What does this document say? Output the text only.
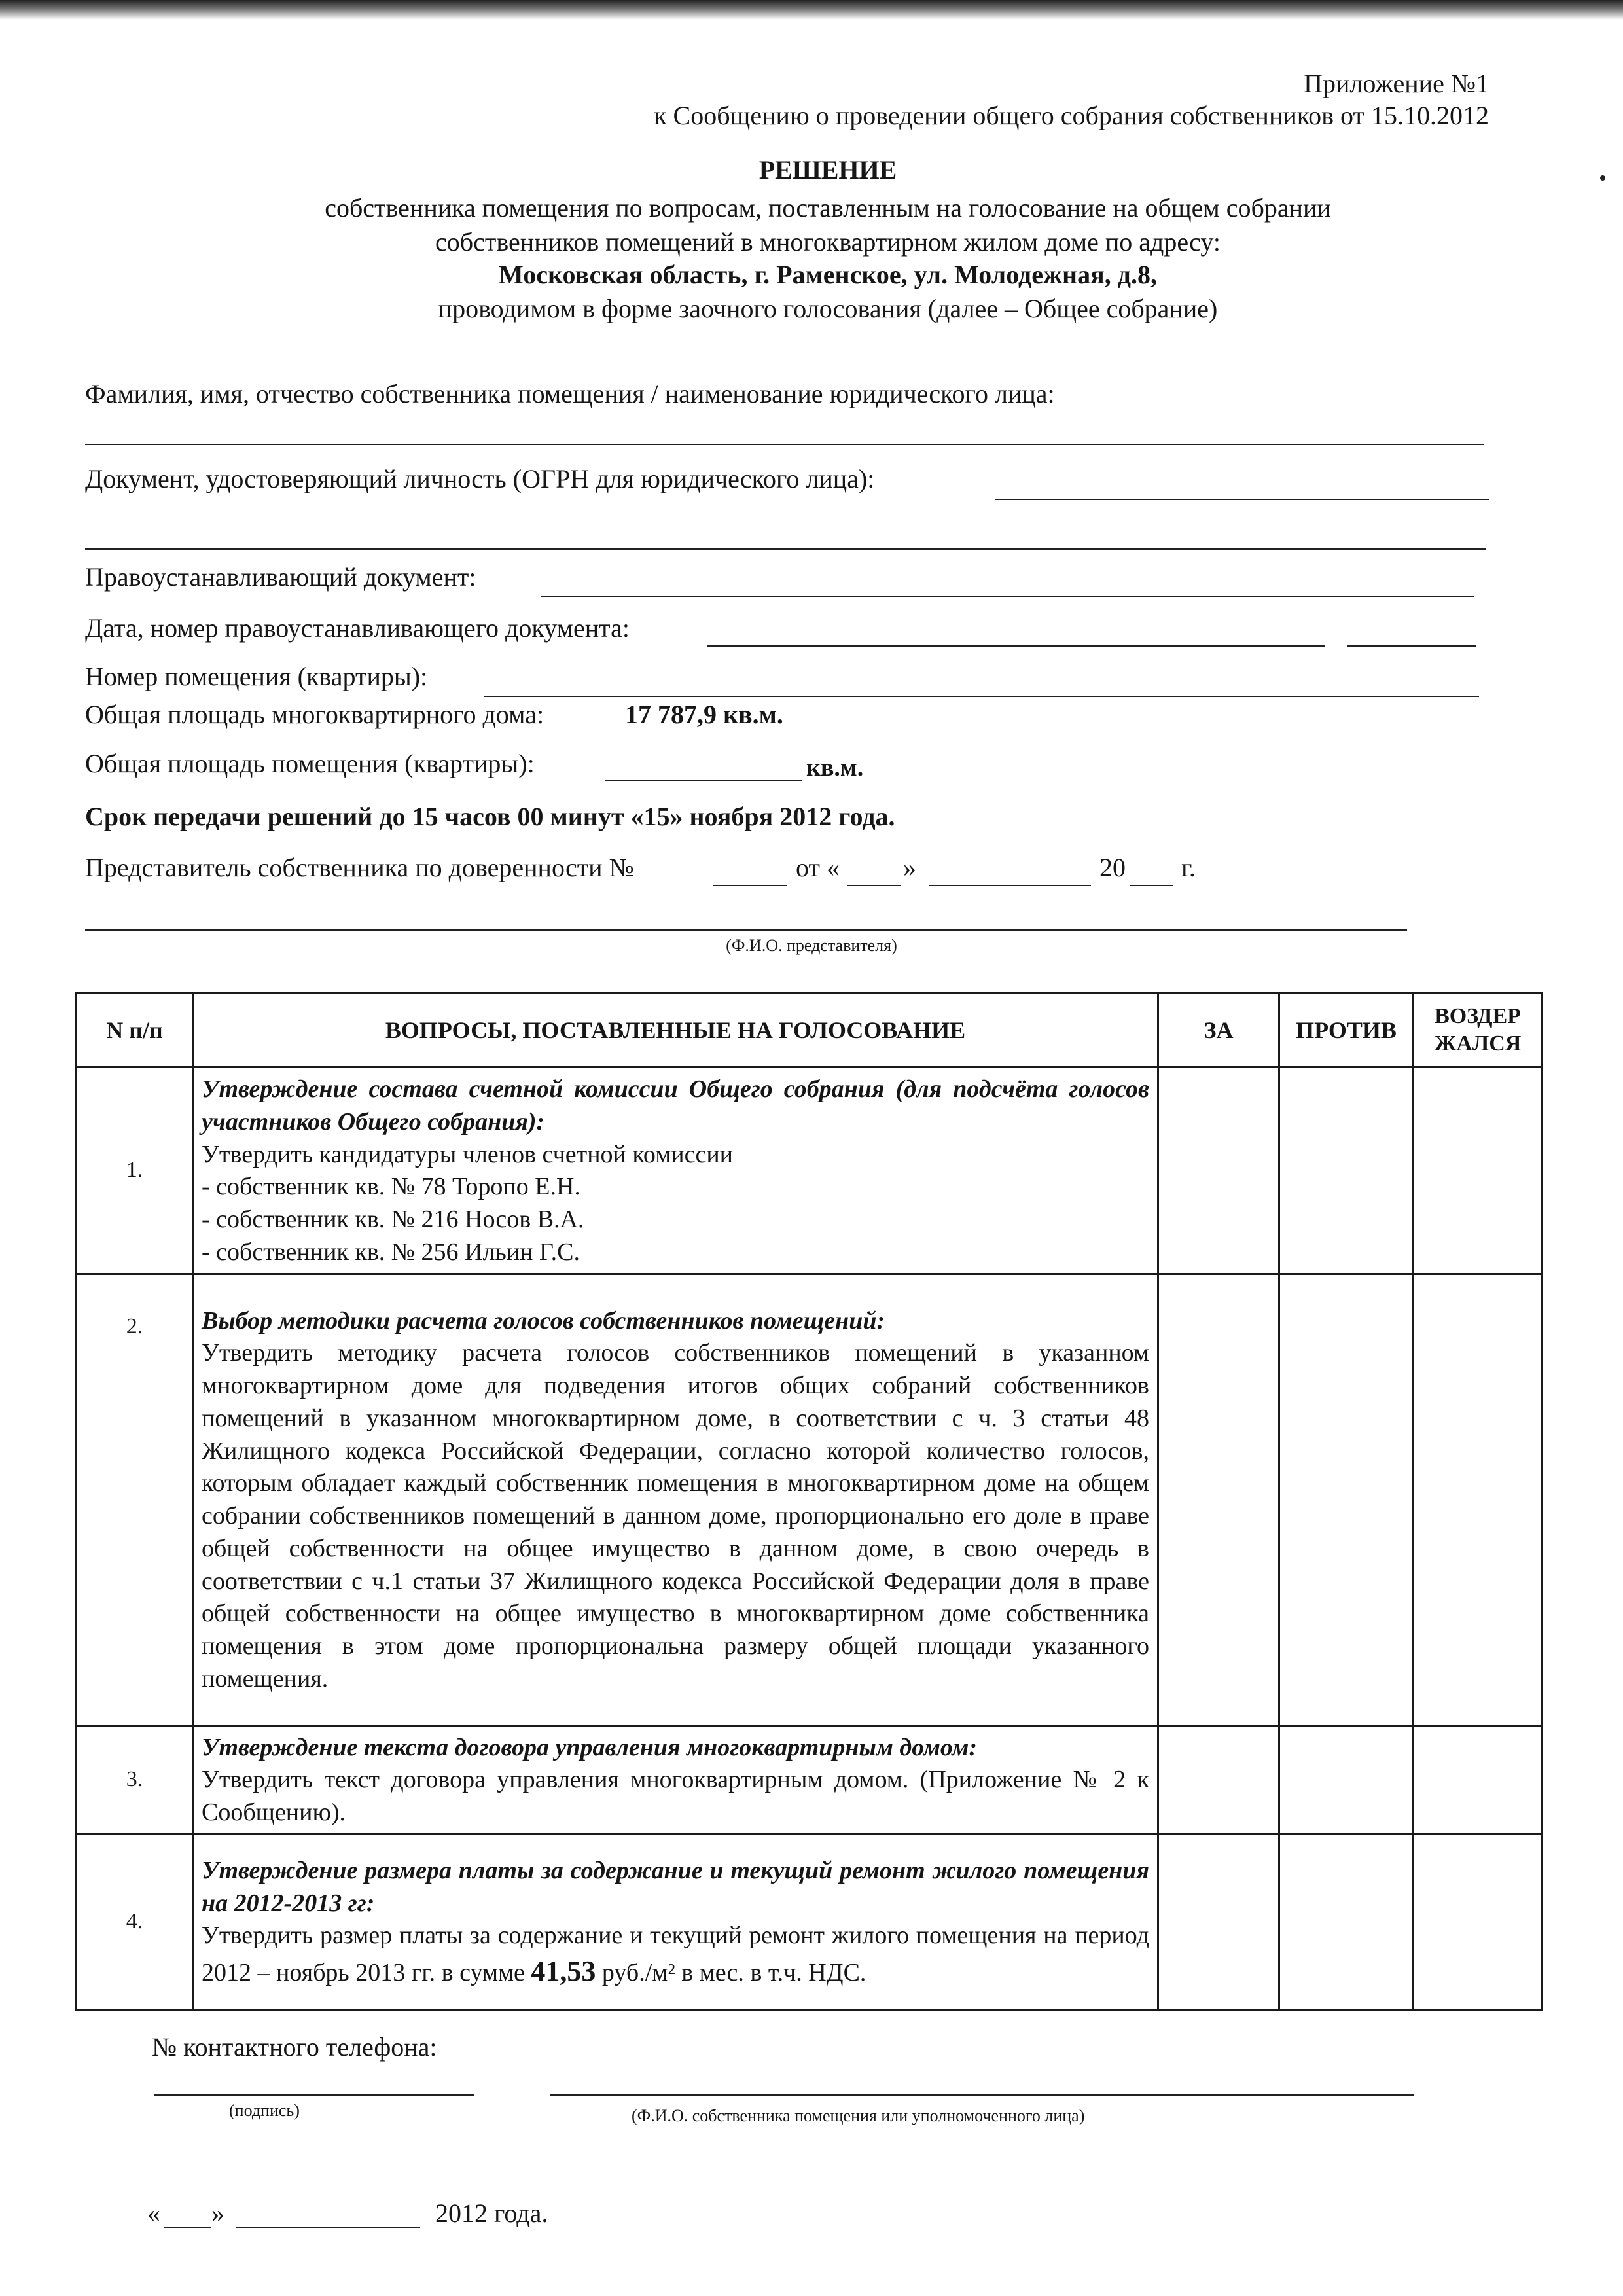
Приложение №1
к Сообщению о проведении общего собрания собственников от 15.10.2012
РЕШЕНИЕ
собственника помещения по вопросам, поставленным на голосование на общем собрании
собственников помещений в многоквартирном жилом доме по адресу:
Московская область, г. Раменское, ул. Молодежная, д.8,
проводимом в форме заочного голосования (далее – Общее собрание)
Фамилия, имя, отчество собственника помещения / наименование юридического лица:
Документ, удостоверяющий личность (ОГРН для юридического лица):
Правоустанавливающий документ:
Дата, номер правоустанавливающего документа:
Номер помещения (квартиры):
Общая площадь многоквартирного дома:	17 787,9 кв.м.
Общая площадь помещения (квартиры):	кв.м.
Срок передачи решений до 15 часов 00 минут «15» ноября 2012 года.
Представитель собственника по доверенности №	от « »	20 г.
(Ф.И.О. представителя)
N п/п	ВОПРОСЫ, ПОСТАВЛЕННЫЕ НА ГОЛОСОВАНИЕ	ЗА	ПРОТИВ	ВОЗДЕР
ЖАЛСЯ

1.	Утверждение состава счетной комиссии Общего собрания (для подсчёта голосов участников Общего собрания):
Утвердить кандидатуры членов счетной комиссии
- собственник кв. № 78 Торопо Е.Н.
- собственник кв. № 216 Носов В.А.
- собственник кв. № 256 Ильин Г.С.			

2.	Выбор методики расчета голосов собственников помещений:
Утвердить методику расчета голосов собственников помещений в указанном многоквартирном доме для подведения итогов общих собраний собственников помещений в указанном многоквартирном доме, в соответствии с ч. 3 статьи 48 Жилищного кодекса Российской Федерации, согласно которой количество голосов, которым обладает каждый собственник помещения в многоквартирном доме на общем собрании собственников помещений в данном доме, пропорционально его доле в праве общей собственности на общее имущество в данном доме, в свою очередь в соответствии с ч.1 статьи 37 Жилищного кодекса Российской Федерации доля в праве общей собственности на общее имущество в многоквартирном доме собственника помещения в этом доме пропорциональна размеру общей площади указанного помещения.			

3.	Утверждение текста договора управления многоквартирным домом:
Утвердить текст договора управления многоквартирным домом. (Приложение № 2 к Сообщению).			

4.	Утверждение размера платы за содержание и текущий ремонт жилого помещения на 2012-2013 гг:
Утвердить размер платы за содержание и текущий ремонт жилого помещения на период 2012 – ноябрь 2013 гг. в сумме 41,53 руб./м² в мес. в т.ч. НДС.			

№ контактного телефона:
(подпись)	(Ф.И.О. собственника помещения или уполномоченного лица)
« »	2012 года.
